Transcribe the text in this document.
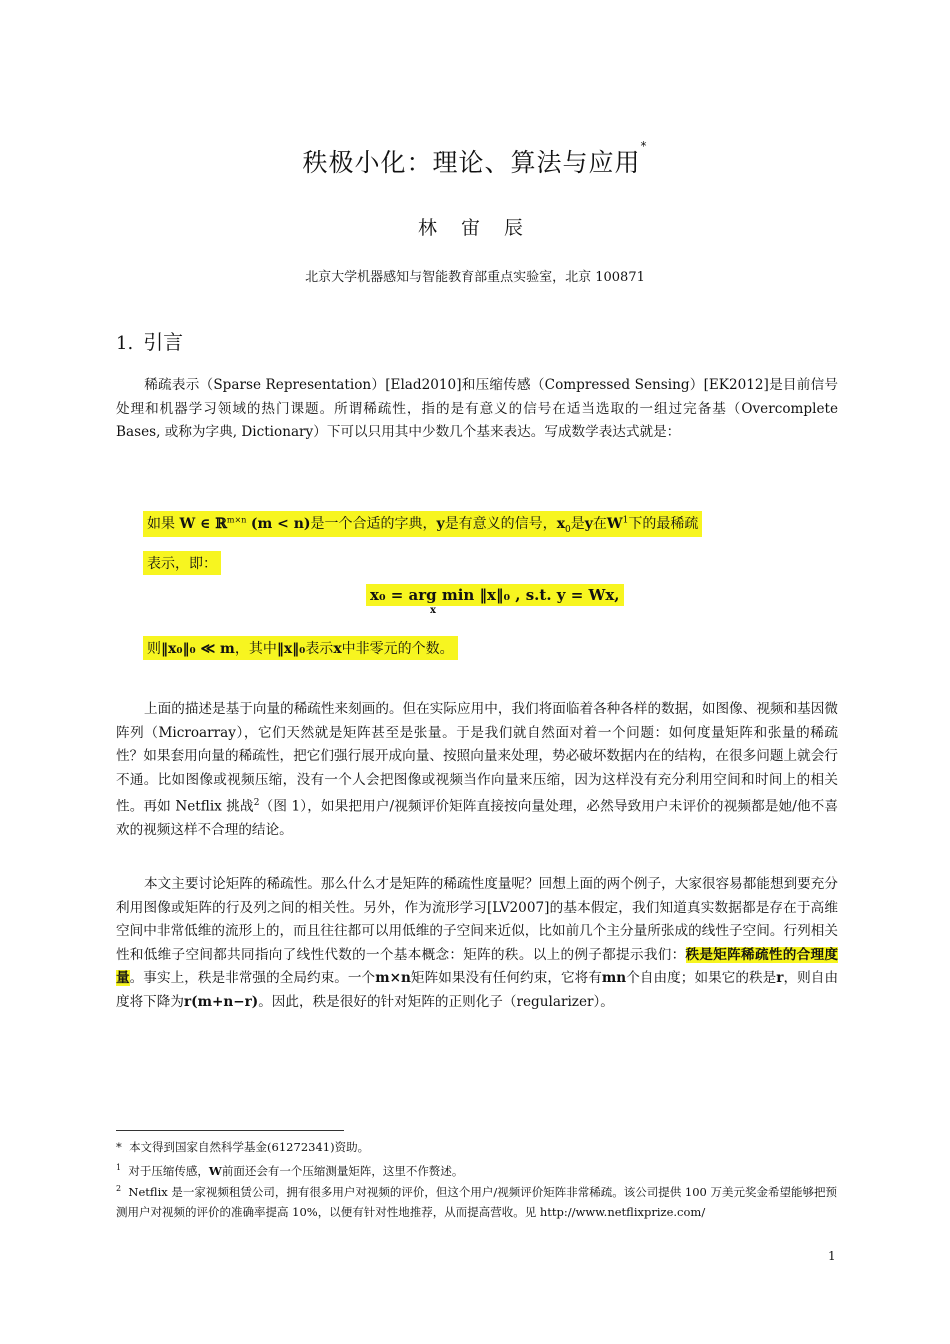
秩极小化：理论、算法与应用*
林 宙 辰
北京大学机器感知与智能教育部重点实验室，北京 100871
1. 引言
稀疏表示（Sparse Representation）[Elad2010]和压缩传感（Compressed Sensing）[EK2012]是目前信号处理和机器学习领域的热门课题。所谓稀疏性，指的是有意义的信号在适当选取的一组过完备基（Overcomplete Bases, 或称为字典, Dictionary）下可以只用其中少数几个基来表达。写成数学表达式就是：
如果 W ∈ ℝ$^{m\times n}$ (m < n)是一个合适的字典，y是有意义的信号，$x_0$是y在$W^1$下的最稀疏
表示，即：
x₀ = arg min ‖x‖₀ , s.t. y = Wx,
x
则‖x₀‖₀ ≪ m，其中‖x‖₀表示x中非零元的个数。
上面的描述是基于向量的稀疏性来刻画的。但在实际应用中，我们将面临着各种各样的数据，如图像、视频和基因微阵列（Microarray），它们天然就是矩阵甚至是张量。于是我们就自然面对着一个问题：如何度量矩阵和张量的稀疏性？如果套用向量的稀疏性，把它们强行展开成向量、按照向量来处理，势必破坏数据内在的结构，在很多问题上就会行不通。比如图像或视频压缩，没有一个人会把图像或视频当作向量来压缩，因为这样没有充分利用空间和时间上的相关性。再如 Netflix 挑战$^2$（图 1），如果把用户/视频评价矩阵直接按向量处理，必然导致用户未评价的视频都是她/他不喜欢的视频这样不合理的结论。
本文主要讨论矩阵的稀疏性。那么什么才是矩阵的稀疏性度量呢？回想上面的两个例子，大家很容易都能想到要充分利用图像或矩阵的行及列之间的相关性。另外，作为流形学习[LV2007]的基本假定，我们知道真实数据都是存在于高维空间中非常低维的流形上的，而且往往都可以用低维的子空间来近似，比如前几个主分量所张成的线性子空间。行列相关性和低维子空间都共同指向了线性代数的一个基本概念：矩阵的秩。以上的例子都提示我们：秩是矩阵稀疏性的合理度量。事实上，秩是非常强的全局约束。一个m×n矩阵如果没有任何约束，它将有mn个自由度；如果它的秩是r，则自由度将下降为r(m+n−r)。因此，秩是很好的针对矩阵的正则化子（regularizer）。
* 本文得到国家自然科学基金(61272341)资助。
$^1$ 对于压缩传感，W前面还会有一个压缩测量矩阵，这里不作赘述。
$^2$ Netflix 是一家视频租赁公司，拥有很多用户对视频的评价，但这个用户/视频评价矩阵非常稀疏。该公司提供 100 万美元奖金希望能够把预测用户对视频的评价的准确率提高 10%，以便有针对性地推荐，从而提高营收。见 http://www.netflixprize.com/
1
